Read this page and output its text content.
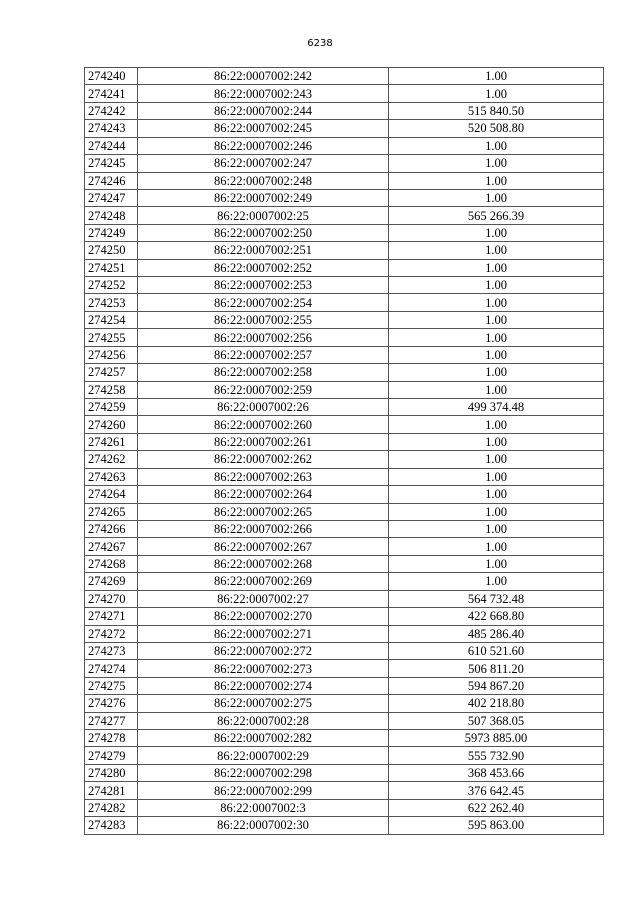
6238
274240	86:22:0007002:242	1.00
274241	86:22:0007002:243	1.00
274242	86:22:0007002:244	515 840.50
274243	86:22:0007002:245	520 508.80
274244	86:22:0007002:246	1.00
274245	86:22:0007002:247	1.00
274246	86:22:0007002:248	1.00
274247	86:22:0007002:249	1.00
274248	86:22:0007002:25	565 266.39
274249	86:22:0007002:250	1.00
274250	86:22:0007002:251	1.00
274251	86:22:0007002:252	1.00
274252	86:22:0007002:253	1.00
274253	86:22:0007002:254	1.00
274254	86:22:0007002:255	1.00
274255	86:22:0007002:256	1.00
274256	86:22:0007002:257	1.00
274257	86:22:0007002:258	1.00
274258	86:22:0007002:259	1.00
274259	86:22:0007002:26	499 374.48
274260	86:22:0007002:260	1.00
274261	86:22:0007002:261	1.00
274262	86:22:0007002:262	1.00
274263	86:22:0007002:263	1.00
274264	86:22:0007002:264	1.00
274265	86:22:0007002:265	1.00
274266	86:22:0007002:266	1.00
274267	86:22:0007002:267	1.00
274268	86:22:0007002:268	1.00
274269	86:22:0007002:269	1.00
274270	86:22:0007002:27	564 732.48
274271	86:22:0007002:270	422 668.80
274272	86:22:0007002:271	485 286.40
274273	86:22:0007002:272	610 521.60
274274	86:22:0007002:273	506 811.20
274275	86:22:0007002:274	594 867.20
274276	86:22:0007002:275	402 218.80
274277	86:22:0007002:28	507 368.05
274278	86:22:0007002:282	5973 885.00
274279	86:22:0007002:29	555 732.90
274280	86:22:0007002:298	368 453.66
274281	86:22:0007002:299	376 642.45
274282	86:22:0007002:3	622 262.40
274283	86:22:0007002:30	595 863.00
